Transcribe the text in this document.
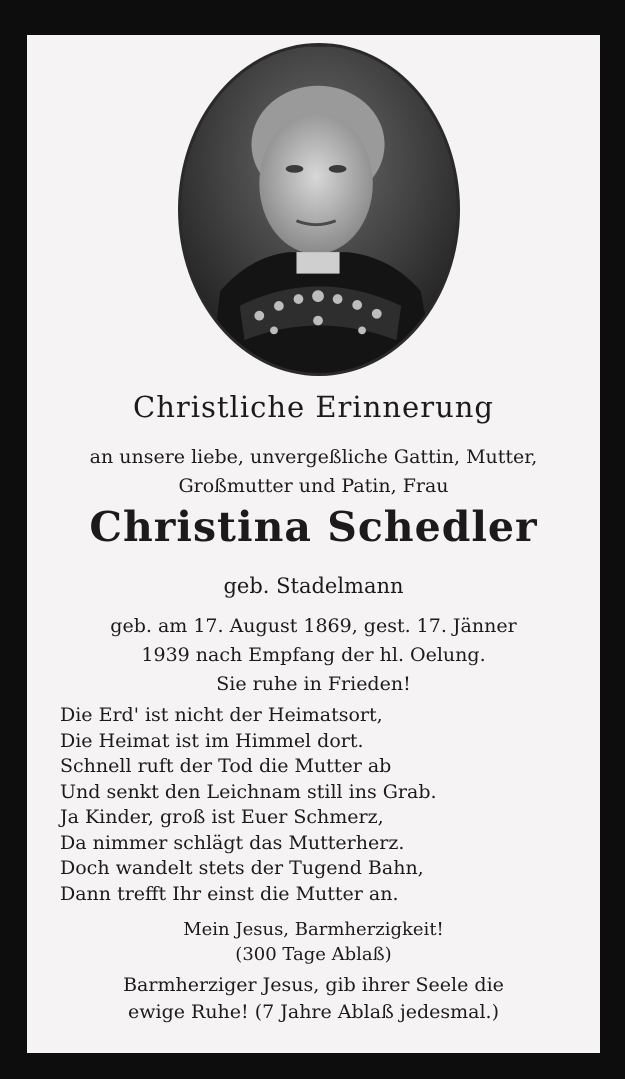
Christliche Erinnerung
an unsere liebe, unvergeßliche Gattin, Mutter,
Großmutter und Patin, Frau
Christina Schedler
geb. Stadelmann
geb. am 17. August 1869, gest. 17. Jänner
1939 nach Empfang der hl. Oelung.
Sie ruhe in Frieden!
Die Erd' ist nicht der Heimatsort,
Die Heimat ist im Himmel dort.
Schnell ruft der Tod die Mutter ab
Und senkt den Leichnam still ins Grab.
Ja Kinder, groß ist Euer Schmerz,
Da nimmer schlägt das Mutterherz.
Doch wandelt stets der Tugend Bahn,
Dann trefft Ihr einst die Mutter an.
Mein Jesus, Barmherzigkeit!
(300 Tage Ablaß)
Barmherziger Jesus, gib ihrer Seele die
ewige Ruhe! (7 Jahre Ablaß jedesmal.)
